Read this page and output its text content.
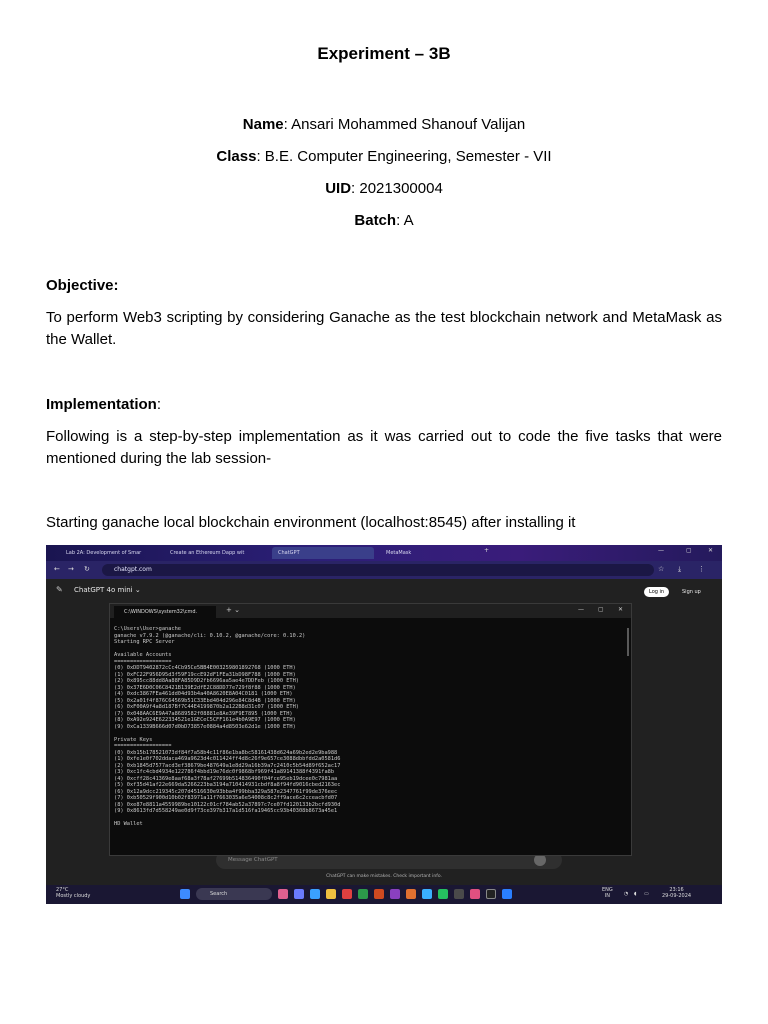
Experiment – 3B
Name: Ansari Mohammed Shanouf Valijan
Class: B.E. Computer Engineering, Semester - VII
UID: 2021300004
Batch: A
Objective:
To perform Web3 scripting by considering Ganache as the test blockchain network and MetaMask as the Wallet.
Implementation:
Following is a step-by-step implementation as it was carried out to code the five tasks that were mentioned during the lab session-
Starting ganache local blockchain environment (localhost:8545) after installing it
Lab 2A: Development of Smar	Create an Ethereum Dapp wit	ChatGPT	MetaMask	+	—	▢	✕
← → ↻	chatgpt.com	☆ ⤓ ⋮
✎ ChatGPT 4o mini ⌄	Log in	Sign up
Message ChatGPT
ChatGPT can make mistakes. Check important info.
C:\WINDOWS\system32\cmd.	+ ⌄	— ▢ ✕
C:\Users\User>ganache
ganache v7.9.2 (@ganache/cli: 0.10.2, @ganache/core: 0.10.2)
Starting RPC Server

Available Accounts
==================
(0) 0xDDT9402872cCc4Cb95Ce5BB4E003259801892768 (1000 ETH)
(1) 0xFC22F956D95d3f59F19ccE92dF1FEa31bD98F788 (1000 ETH)
(2) 0x895cc88dd8Aa88FA85D9D2fb6696aa5ae4e7DDFeb (1000 ETH)
(3) 0x37E6D0C06C8421B139E2dfE2C88DD77e729f8f88 (1000 ETH)
(4) 0xdc3867FEa461dd04d93b4a40A8620E8A04C0181 (1000 ETH)
(5) 0x2a01f4f876C64569b51C33Ebd404d296e84C8d4B (1000 ETH)
(6) 0xF00A9f4a8d187Bf7C44E4199870b2a122B8d31c07 (1000 ETH)
(7) 0x048AAC6E9A47a8689582f08881e8Ae39F9E7895 (1000 ETH)
(8) 0xA92e924E622334521e1GECeC5CFF161e4b0A9E97 (1000 ETH)
(9) 0xCa1339B666d07d0bD73857e0884a4d8503e62d1e (1000 ETH)

Private Keys
==================
(0) 0xb15b178521073df84f7a58b4c11f86e1ba8bc58161438d624a69b2ed2e9ba988
(1) 0xfe1e0f702ddaca469a9623d4c011424ff4d8c26f9e657ce3088dbbfdd2a0581d6
(2) 0xb1845d7577acd3ef38679be487649a1e8d29a16b39a7c2410c5b54d89f652ac17
(3) 0xc1fc4cbd4934e122786f4bbd19e76dc0f9868bf969f41a89141388f4391fa8b
(4) 0xcff28c41369e8aaf68a3f78af27699b514836490f04fce95eb19dcee0c7981aa
(5) 0xf35d41af22e669da5266223ba3194a710414931cbdf8a8f94fd9016cbed2163ec
(6) 0x12a9dcc219345c207d4516630e93bba4f99bba329a587e2347761f99de376eec
(7) 0xb50529f900d10b02f83971a11f7663035a6e54008c8c2ff9ace6c2cceacbfd07
(8) 0xe87e8811a4559989be10122c01cf784ab52a37897c7ce07fd120133b2bcfd930d
(9) 0x8613fd7d558249ae0d9f73ce397b317a1d516fa19465cc93b40308b8673a45e1

HD Wallet
27°C
Mostly cloudy	Search
ENG
IN	◔ ◖ ▭
23:16
29-09-2024
